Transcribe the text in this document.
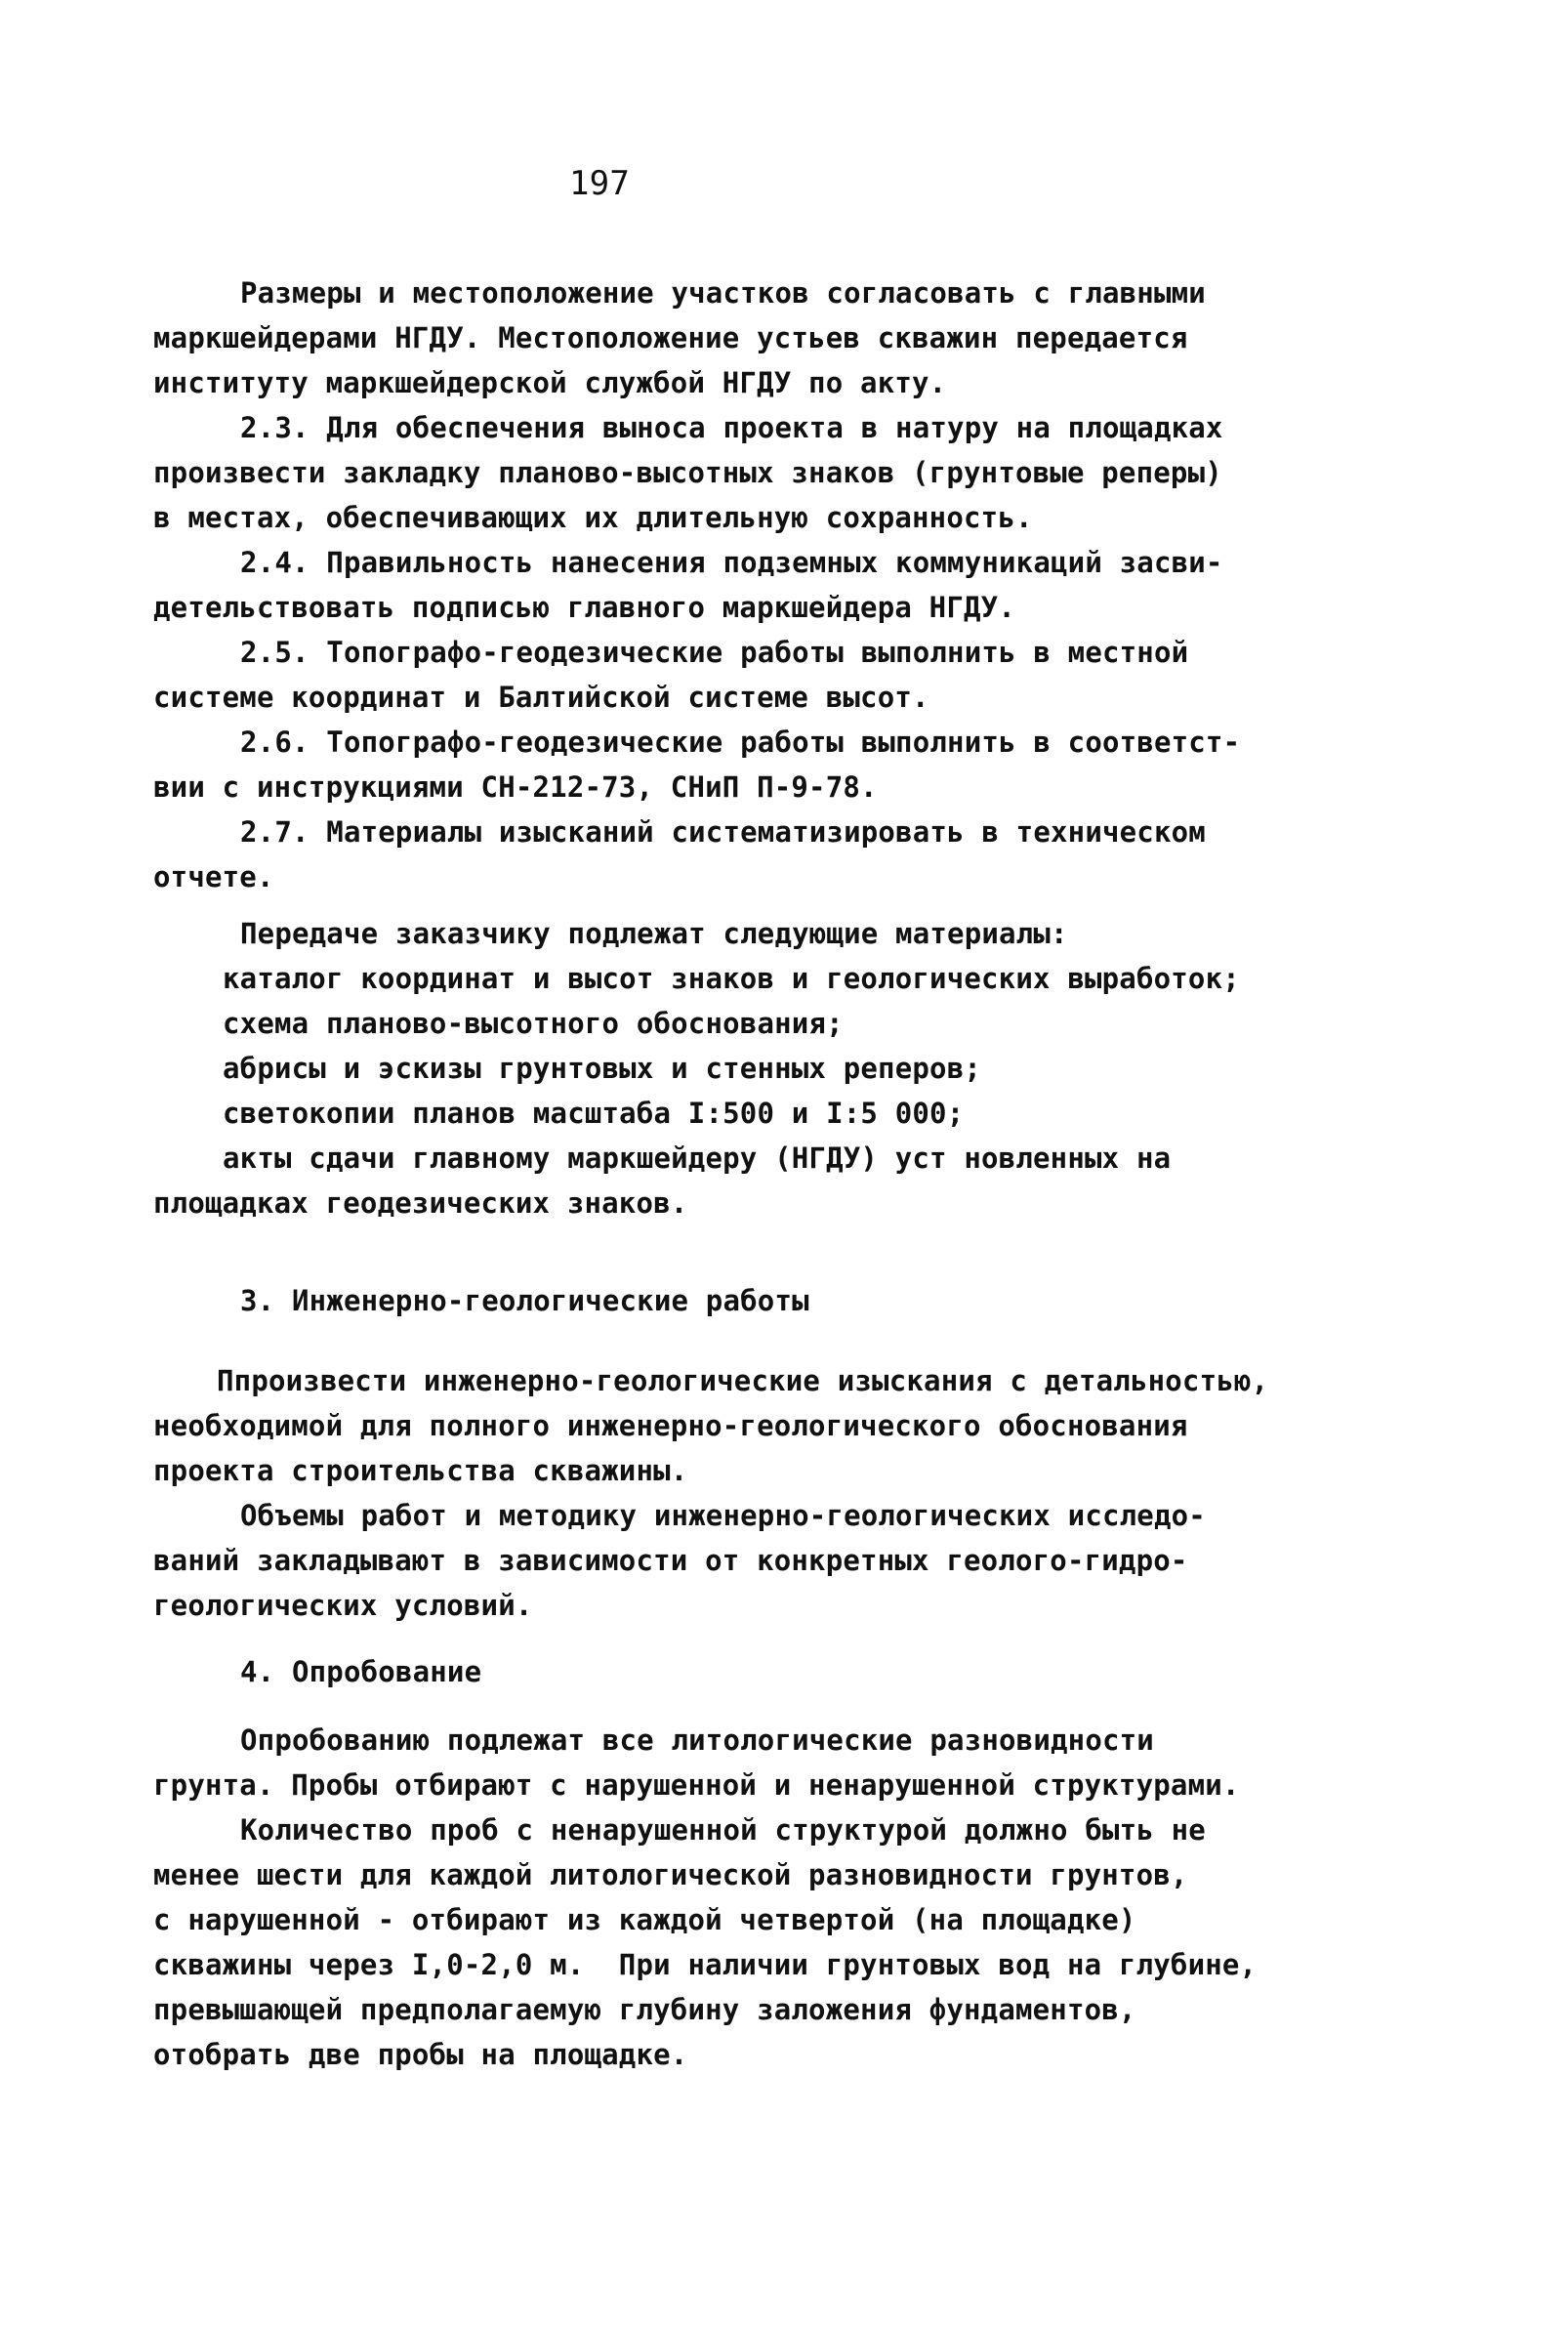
197
Размеры и местоположение участков согласовать с главными
маркшейдерами НГДУ. Местоположение устьев скважин передается
институту маркшейдерской службой НГДУ по акту.
2.3. Для обеспечения выноса проекта в натуру на площадках
произвести закладку планово-высотных знаков (грунтовые реперы)
в местах, обеспечивающих их длительную сохранность.
2.4. Правильность нанесения подземных коммуникаций засви-
детельствовать подписью главного маркшейдера НГДУ.
2.5. Топографо-геодезические работы выполнить в местной
системе координат и Балтийской системе высот.
2.6. Топографо-геодезические работы выполнить в соответст-
вии с инструкциями СН-212-73, СНиП П-9-78.
2.7. Материалы изысканий систематизировать в техническом
отчете.
Передаче заказчику подлежат следующие материалы:
каталог координат и высот знаков и геологических выработок;
схема планово-высотного обоснования;
абрисы и эскизы грунтовых и стенных реперов;
светокопии планов масштаба I:500 и I:5 000;
акты сдачи главному маркшейдеру (НГДУ) уст новленных на
площадках геодезических знаков.
3. Инженерно-геологические работы
Ппроизвести инженерно-геологические изыскания с детальностью,
необходимой для полного инженерно-геологического обоснования
проекта строительства скважины.
Объемы работ и методику инженерно-геологических исследо-
ваний закладывают в зависимости от конкретных геолого-гидро-
геологических условий.
4. Опробование
Опробованию подлежат все литологические разновидности
грунта. Пробы отбирают с нарушенной и ненарушенной структурами.
Количество проб с ненарушенной структурой должно быть не
менее шести для каждой литологической разновидности грунтов,
с нарушенной - отбирают из каждой четвертой (на площадке)
скважины через I,0-2,0 м.  При наличии грунтовых вод на глубине,
превышающей предполагаемую глубину заложения фундаментов,
отобрать две пробы на площадке.
